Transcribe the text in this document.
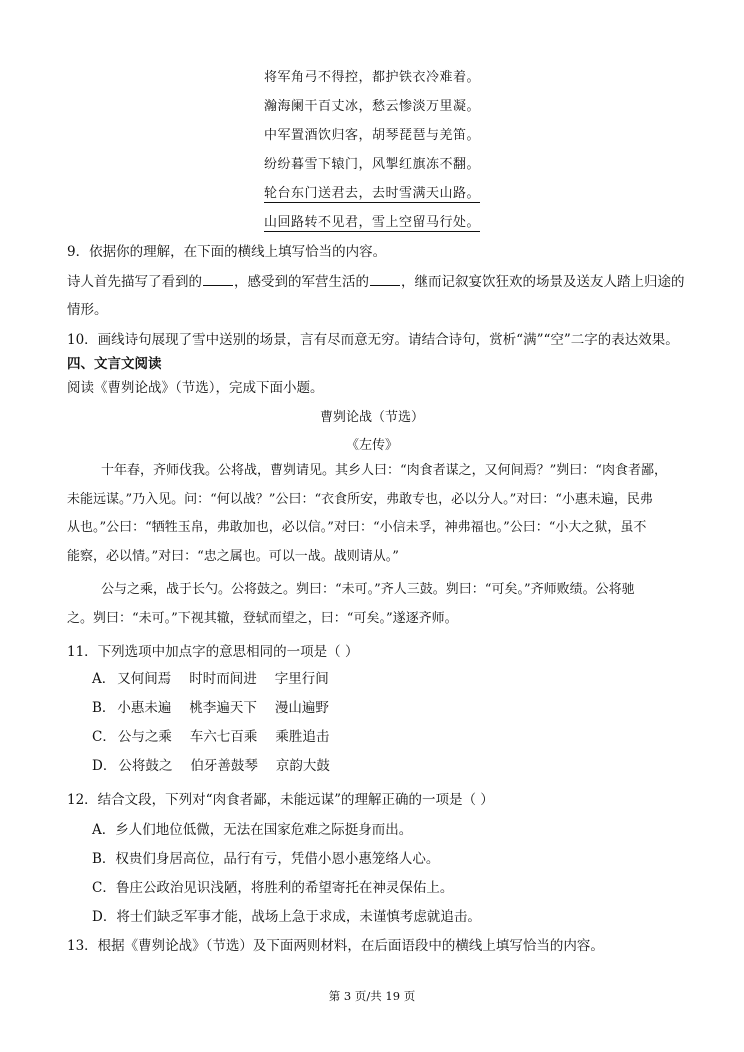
将军角弓不得控，都护铁衣冷难着。
瀚海阑干百丈冰，愁云惨淡万里凝。
中军置酒饮归客，胡琴琵琶与羌笛。
纷纷暮雪下辕门，风掣红旗冻不翻。
轮台东门送君去，去时雪满天山路。
山回路转不见君，雪上空留马行处。
9．依据你的理解，在下面的横线上填写恰当的内容。
诗人首先描写了看到的 ，感受到的军营生活的 ，继而记叙宴饮狂欢的场景及送友人踏上归途的
情形。
10．画线诗句展现了雪中送别的场景，言有尽而意无穷。请结合诗句，赏析“满”“空”二字的表达效果。
四、文言文阅读
阅读《曹刿论战》（节选），完成下面小题。
曹刿论战（节选）
《左传》
十年春，齐师伐我。公将战，曹刿请见。其乡人曰：“肉食者谋之，又何间焉？”刿曰：“肉食者鄙，
未能远谋。”乃入见。问：“何以战？”公曰：“衣食所安，弗敢专也，必以分人。”对曰：“小惠未遍，民弗
从也。”公曰：“牺牲玉帛，弗敢加也，必以信。”对曰：“小信未孚，神弗福也。”公曰：“小大之狱，虽不
能察，必以情。”对曰：“忠之属也。可以一战。战则请从。”
公与之乘，战于长勺。公将鼓之。刿曰：“未可。”齐人三鼓。刿曰：“可矣。”齐师败绩。公将驰
之。刿曰：“未可。”下视其辙，登轼而望之，曰：“可矣。”遂逐齐师。
11．下列选项中加点字的意思相同的一项是（ ）
A． 又何间焉 时时而间进 字里行间
B． 小惠未遍 桃李遍天下 漫山遍野
C． 公与之乘 车六七百乘 乘胜追击
D． 公将鼓之 伯牙善鼓琴 京韵大鼓
12．结合文段，下列对“肉食者鄙，未能远谋”的理解正确的一项是（ ）
A．乡人们地位低微，无法在国家危难之际挺身而出。
B．权贵们身居高位，品行有亏，凭借小恩小惠笼络人心。
C．鲁庄公政治见识浅陋，将胜利的希望寄托在神灵保佑上。
D．将士们缺乏军事才能，战场上急于求成，未谨慎考虑就追击。
13．根据《曹刿论战》（节选）及下面两则材料，在后面语段中的横线上填写恰当的内容。
第 3 页/共 19 页
